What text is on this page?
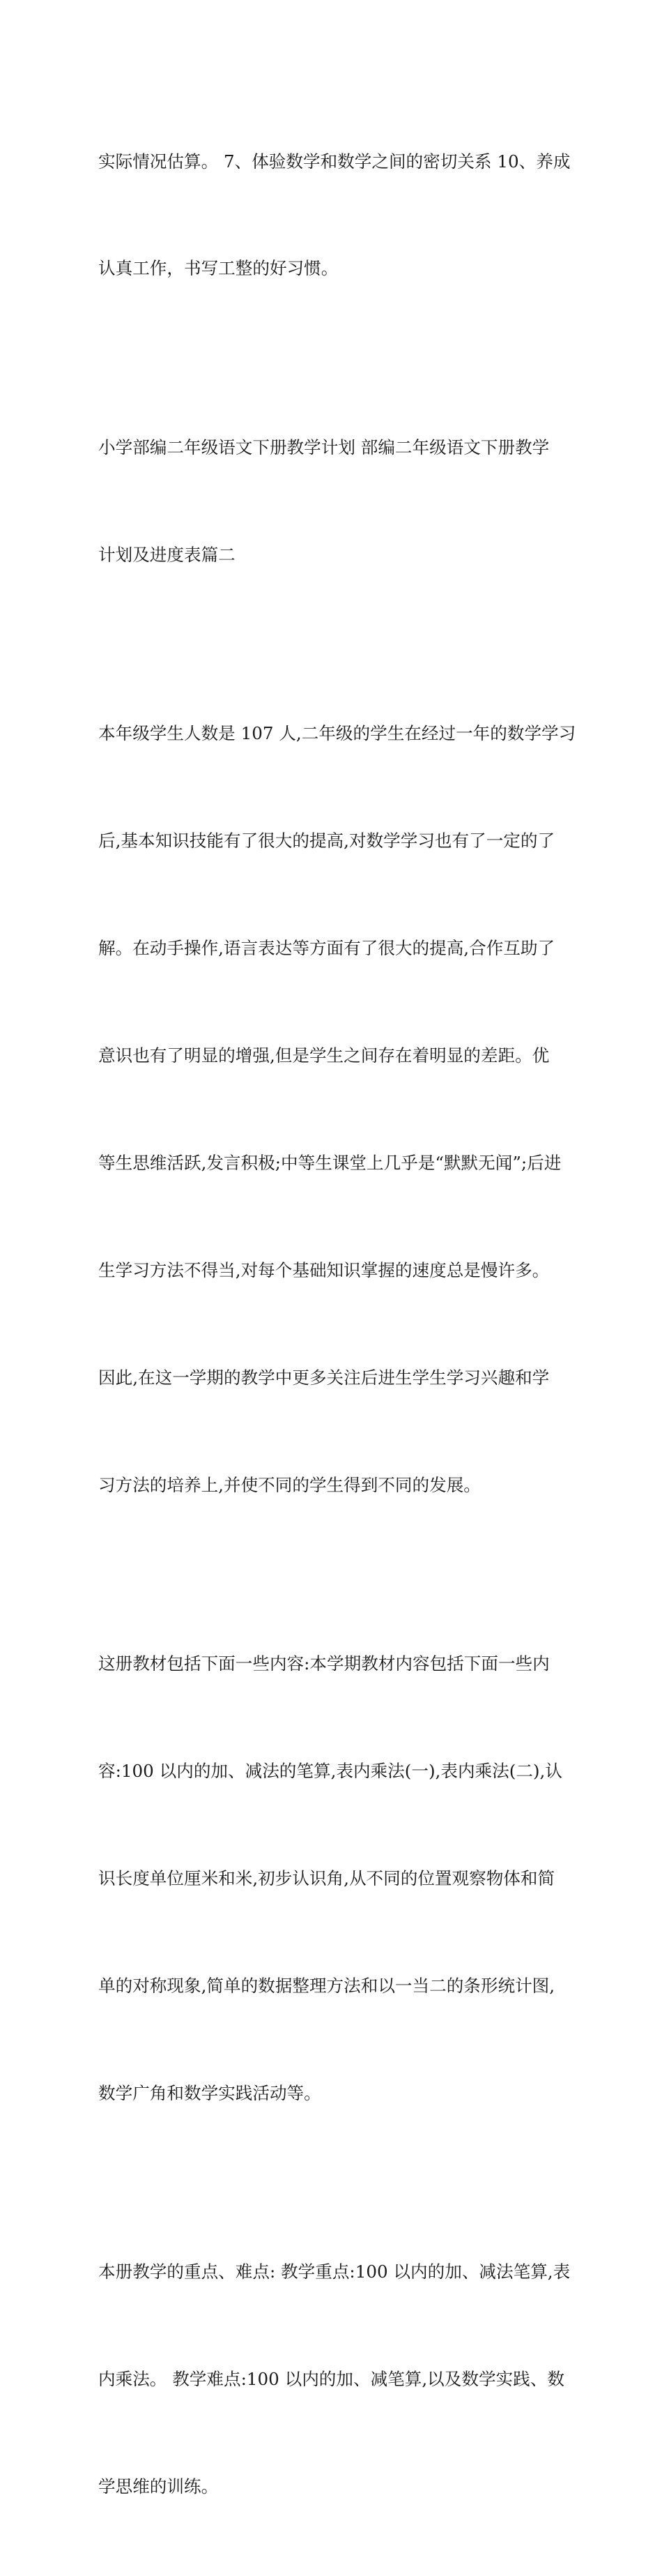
实际情况估算。 7、体验数学和数学之间的密切关系 10、养成

认真工作，书写工整的好习惯。

小学部编二年级语文下册教学计划 部编二年级语文下册教学

计划及进度表篇二

本年级学生人数是 107 人,二年级的学生在经过一年的数学学习

后,基本知识技能有了很大的提高,对数学学习也有了一定的了

解。在动手操作,语言表达等方面有了很大的提高,合作互助了

意识也有了明显的增强,但是学生之间存在着明显的差距。优

等生思维活跃,发言积极;中等生课堂上几乎是“默默无闻”;后进

生学习方法不得当,对每个基础知识掌握的速度总是慢许多。

因此,在这一学期的教学中更多关注后进生学生学习兴趣和学

习方法的培养上,并使不同的学生得到不同的发展。

这册教材包括下面一些内容:本学期教材内容包括下面一些内

容:100 以内的加、减法的笔算,表内乘法(一),表内乘法(二),认

识长度单位厘米和米,初步认识角,从不同的位置观察物体和简

单的对称现象,简单的数据整理方法和以一当二的条形统计图,

数学广角和数学实践活动等。

本册教学的重点、难点: 教学重点:100 以内的加、减法笔算,表

内乘法。 教学难点:100 以内的加、减笔算,以及数学实践、数

学思维的训练。
